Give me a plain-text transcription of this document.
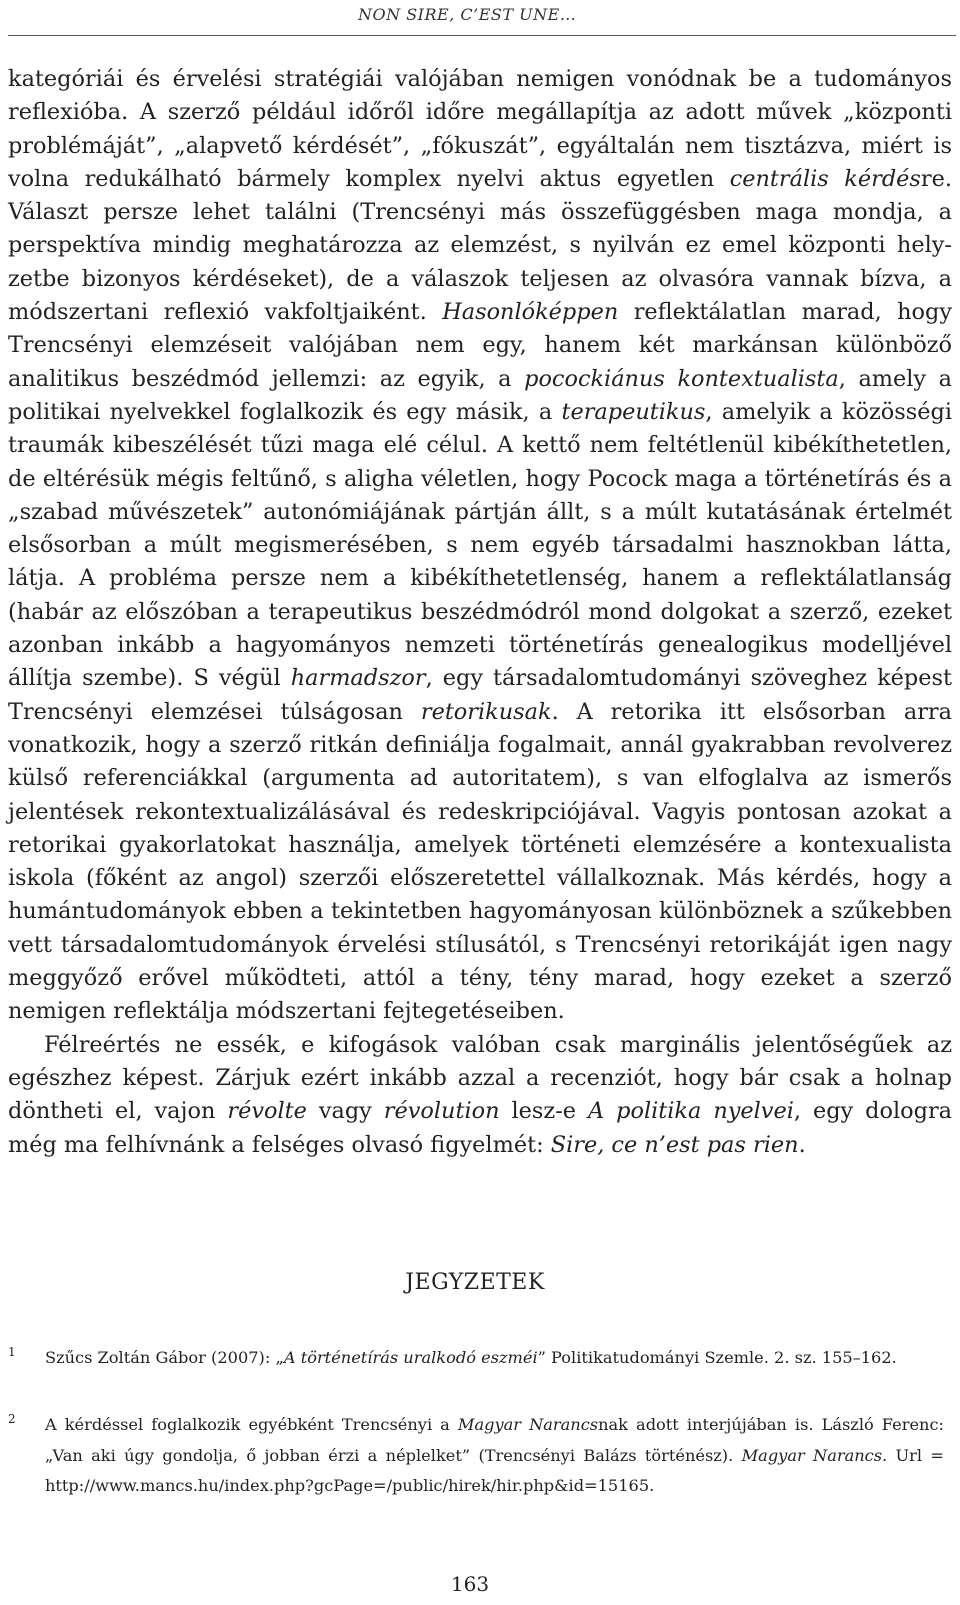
NON SIRE, C’EST UNE…

kategóriái és érvelési stratégiái valójában nemigen vonódnak be a tudományos reflexióba. A szerző például időről időre megállapítja az adott művek „központi problémáját”, „alapvető kérdését”, „fókuszát”, egyáltalán nem tisztázva, miért is volna redukálható bármely komplex nyelvi aktus egyetlen centrális kérdésre. Választ persze lehet találni (Trencsényi más összefüggésben maga mondja, a perspektíva mindig meghatározza az elemzést, s nyilván ez emel központi helyzetbe bizonyos kérdéseket), de a válaszok teljesen az olvasóra vannak bízva, a módszertani reflexió vakfoltjaiként. Hasonlóképpen reflektálatlan marad, hogy Trencsényi elemzéseit valójában nem egy, hanem két markánsan különböző analitikus beszédmód jellemzi: az egyik, a pocockiánus kontextualista, amely a politikai nyelvekkel foglalkozik és egy másik, a terapeutikus, amelyik a közösségi traumák kibeszélését tűzi maga elé célul. A kettő nem feltétlenül kibékíthetetlen, de eltérésük mégis feltűnő, s aligha véletlen, hogy Pocock maga a történetírás és a „szabad művészetek” autonómiájának pártján állt, s a múlt kutatásának értelmét elsősorban a múlt megismerésében, s nem egyéb társadalmi hasznokban látta, látja. A probléma persze nem a kibékíthetetlenség, hanem a reflektálatlanság (habár az előszóban a terapeutikus beszédmódról mond dolgokat a szerző, ezeket azonban inkább a hagyományos nemzeti történetírás genealogikus modelljével állítja szembe). S végül harmadszor, egy társadalomtudományi szöveghez képest Trencsényi elemzései túlságosan retorikusak. A retorika itt elsősorban arra vonatkozik, hogy a szerző ritkán definiálja fogalmait, annál gyakrabban revolverez külső referenciákkal (argumenta ad autoritatem), s van elfoglalva az ismerős jelentések rekontextualizálásával és redeskripciójával. Vagyis pontosan azokat a retorikai gyakorlatokat használja, amelyek történeti elemzésére a kontexualista iskola (főként az angol) szerzői előszeretettel vállalkoznak. Más kérdés, hogy a humántudományok ebben a tekintetben hagyományosan különböznek a szűkebben vett társadalomtudományok érvelési stílusától, s Trencsényi retorikáját igen nagy meggyőző erővel működteti, attól a tény, tény marad, hogy ezeket a szerző nemigen reflektálja módszertani fejtegetéseiben.

Félreértés ne essék, e kifogások valóban csak marginális jelentőségűek az egészhez képest. Zárjuk ezért inkább azzal a recenziót, hogy bár csak a holnap döntheti el, vajon révolte vagy révolution lesz-e A politika nyelvei, egy dologra még ma felhívnánk a felséges olvasó figyelmét: Sire, ce n’est pas rien.

JEGYZETEK
1 Szűcs Zoltán Gábor (2007): „A történetírás uralkodó eszméi” Politikatudományi Szemle. 2. sz. 155–162.
2 A kérdéssel foglalkozik egyébként Trencsényi a Magyar Narancsnak adott interjújában is. László Ferenc: „Van aki úgy gondolja, ő jobban érzi a néplelket” (Trencsényi Balázs történész). Magyar Narancs. Url = http://www.mancs.hu/index.php?gcPage=/public/hirek/hir.php&id=15165.
163
